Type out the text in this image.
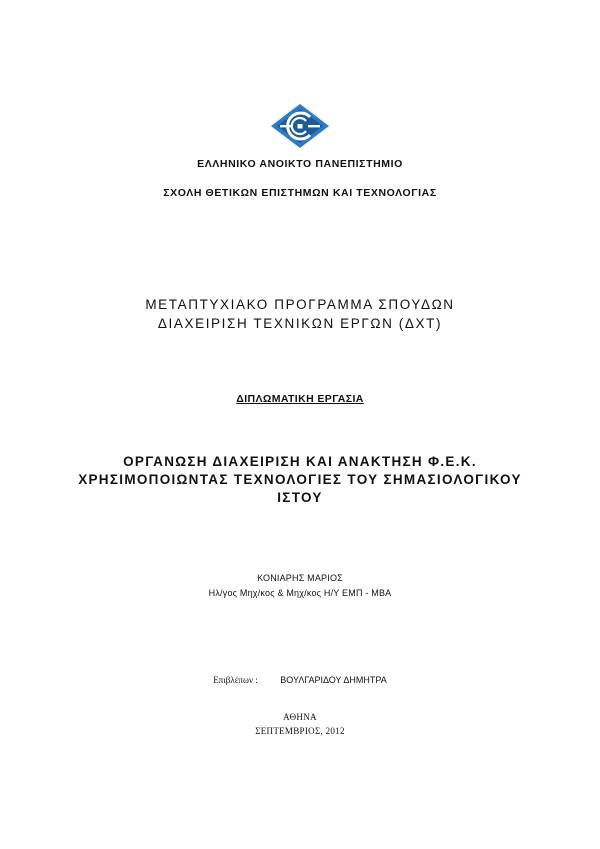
ΕΛΛΗΝΙΚΟ ΑΝΟΙΚΤΟ ΠΑΝΕΠΙΣΤΗΜΙΟ
ΣΧΟΛΗ ΘΕΤΙΚΩΝ ΕΠΙΣΤΗΜΩΝ ΚΑΙ ΤΕΧΝΟΛΟΓΙΑΣ
ΜΕΤΑΠΤΥΧΙΑΚΟ ΠΡΟΓΡΑΜΜΑ ΣΠΟΥΔΩΝ
ΔΙΑΧΕΙΡΙΣΗ ΤΕΧΝΙΚΩΝ ΕΡΓΩΝ (ΔΧΤ)
ΔΙΠΛΩΜΑΤΙΚΗ ΕΡΓΑΣΙΑ
ΟΡΓΑΝΩΣΗ ΔΙΑΧΕΙΡΙΣΗ ΚΑΙ ΑΝΑΚΤΗΣΗ Φ.Ε.Κ.
ΧΡΗΣΙΜΟΠΟΙΩΝΤΑΣ ΤΕΧΝΟΛΟΓΙΕΣ ΤΟΥ ΣΗΜΑΣΙΟΛΟΓΙΚΟΥ
ΙΣΤΟΥ
ΚΟΝΙΑΡΗΣ ΜΑΡΙΟΣ
Ηλ/γος Μηχ/κος & Μηχ/κος Η/Υ ΕΜΠ - MBA
Επιβλέπων :	ΒΟΥΛΓΑΡΙΔΟΥ ΔΗΜΗΤΡΑ
ΑΘΗΝΑ
ΣΕΠΤΕΜΒΡΙΟΣ, 2012
